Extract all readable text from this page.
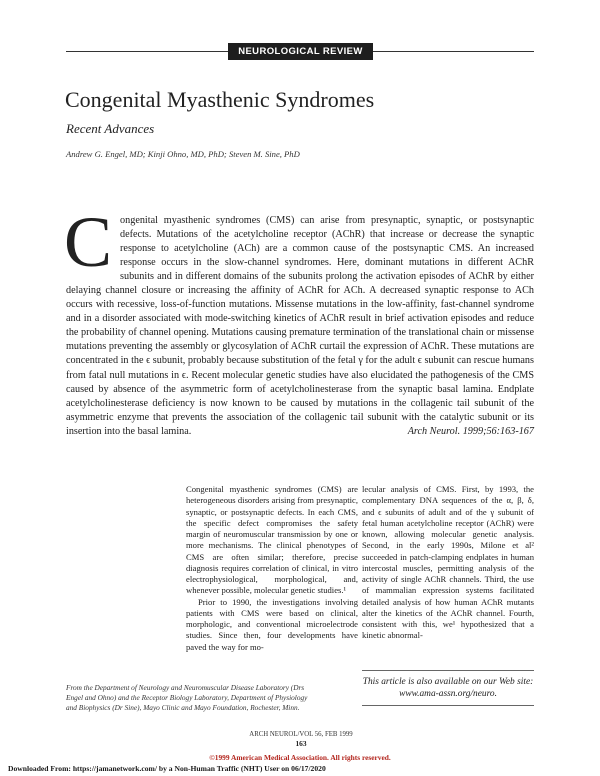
NEUROLOGICAL REVIEW
Congenital Myasthenic Syndromes
Recent Advances
Andrew G. Engel, MD; Kinji Ohno, MD, PhD; Steven M. Sine, PhD
Congenital myasthenic syndromes (CMS) can arise from presynaptic, synaptic, or postsynaptic defects. Mutations of the acetylcholine receptor (AChR) that increase or decrease the synaptic response to acetylcholine (ACh) are a common cause of the postsynaptic CMS. An increased response occurs in the slow-channel syndromes. Here, dominant mutations in different AChR subunits and in different domains of the subunits prolong the activation episodes of AChR by either delaying channel closure or increasing the affinity of AChR for ACh. A decreased synaptic response to ACh occurs with recessive, loss-of-function mutations. Missense mutations in the low-affinity, fast-channel syndrome and in a disorder associated with mode-switching kinetics of AChR result in brief activation episodes and reduce the probability of channel opening. Mutations causing premature termination of the translational chain or missense mutations preventing the assembly or glycosylation of AChR curtail the expression of AChR. These mutations are concentrated in the ϵ subunit, probably because substitution of the fetal γ for the adult ϵ subunit can rescue humans from fatal null mutations in ϵ. Recent molecular genetic studies have also elucidated the pathogenesis of the CMS caused by absence of the asymmetric form of acetylcholinesterase from the synaptic basal lamina. Endplate acetylcholinesterase deficiency is now known to be caused by mutations in the collagenic tail subunit of the asymmetric enzyme that prevents the association of the collagenic tail subunit with the catalytic subunit or its insertion into the basal lamina.	Arch Neurol. 1999;56:163-167

Congenital myasthenic syndromes (CMS) are heterogeneous disorders arising from presynaptic, synaptic, or postsynaptic defects. In each CMS, the specific defect compromises the safety margin of neuromuscular transmission by one or more mechanisms. The clinical phenotypes of CMS are often similar; therefore, precise diagnosis requires correlation of clinical, in vitro electrophysiological, morphological, and, whenever possible, molecular genetic studies.¹

Prior to 1990, the investigations involving patients with CMS were based on clinical, morphologic, and conventional microelectrode studies. Since then, four developments have paved the way for mo-

lecular analysis of CMS. First, by 1993, the complementary DNA sequences of the α, β, δ, and ϵ subunits of adult and of the γ subunit of fetal human acetylcholine receptor (AChR) were known, allowing molecular genetic analysis. Second, in the early 1990s, Milone et al² succeeded in patch-clamping endplates in human intercostal muscles, permitting analysis of the activity of single AChR channels. Third, the use of mammalian expression systems facilitated detailed analysis of how human AChR mutants alter the kinetics of the AChR channel. Fourth, consistent with this, we¹ hypothesized that a kinetic abnormal-

From the Department of Neurology and Neuromuscular Disease Laboratory (Drs Engel and Ohno) and the Receptor Biology Laboratory, Department of Physiology and Biophysics (Dr Sine), Mayo Clinic and Mayo Foundation, Rochester, Minn.
This article is also available on our Web site: www.ama-assn.org/neuro.
ARCH NEUROL/VOL 56, FEB 1999
163
©1999 American Medical Association. All rights reserved.
Downloaded From: https://jamanetwork.com/ by a Non-Human Traffic (NHT) User on 06/17/2020
